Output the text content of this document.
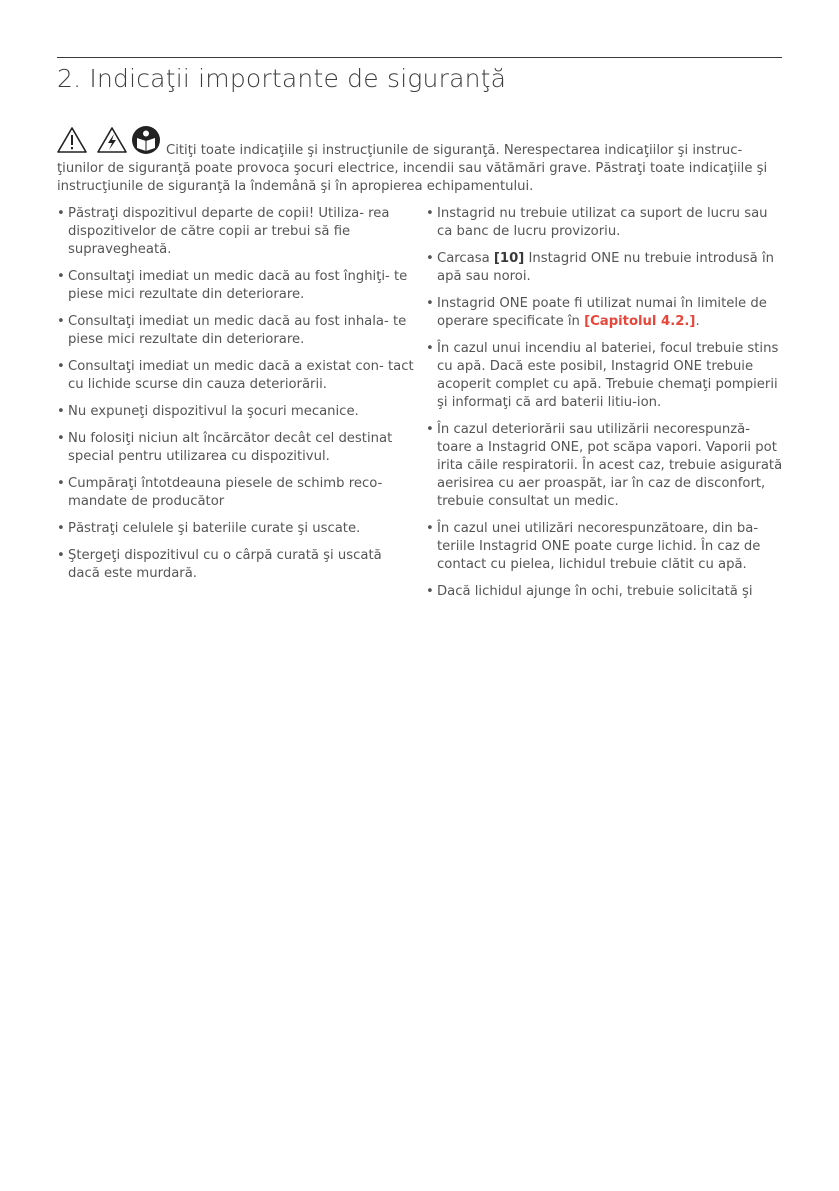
2. Indicaţii importante de siguranţă
Citiţi toate indicaţiile şi instrucţiunile de siguranţă. Nerespectarea indicaţiilor şi instruc- ţiunilor de siguranţă poate provoca şocuri electrice, incendii sau vătămări grave. Păstraţi toate indicaţiile şi instrucţiunile de siguranţă la îndemână şi în apropierea echipamentului.
• Păstraţi dispozitivul departe de copii! Utiliza- rea dispozitivelor de către copii ar trebui să fie supravegheată.
• Consultaţi imediat un medic dacă au fost înghiţi- te piese mici rezultate din deteriorare.
• Consultaţi imediat un medic dacă au fost inhala- te piese mici rezultate din deteriorare.
• Consultaţi imediat un medic dacă a existat con- tact cu lichide scurse din cauza deteriorării.
• Nu expuneţi dispozitivul la şocuri mecanice.
• Nu folosiţi niciun alt încărcător decât cel destinat special pentru utilizarea cu dispozitivul.
• Cumpăraţi întotdeauna piesele de schimb reco- mandate de producător
• Păstraţi celulele şi bateriile curate şi uscate.
• Ştergeţi dispozitivul cu o cârpă curată şi uscată dacă este murdară.
• Instagrid nu trebuie utilizat ca suport de lucru sau ca banc de lucru provizoriu.
• Carcasa [10] Instagrid ONE nu trebuie introdusă în apă sau noroi.
• Instagrid ONE poate fi utilizat numai în limitele de operare specificate în [Capitolul 4.2.].
• În cazul unui incendiu al bateriei, focul trebuie stins cu apă. Dacă este posibil, Instagrid ONE trebuie acoperit complet cu apă. Trebuie chemaţi pompierii şi informaţi că ard baterii litiu-ion.
• În cazul deteriorării sau utilizării necorespunză- toare a Instagrid ONE, pot scăpa vapori. Vaporii pot irita căile respiratorii. În acest caz, trebuie asigurată aerisirea cu aer proaspăt, iar în caz de disconfort, trebuie consultat un medic.
• În cazul unei utilizări necorespunzătoare, din ba- teriile Instagrid ONE poate curge lichid. În caz de contact cu pielea, lichidul trebuie clătit cu apă.
• Dacă lichidul ajunge în ochi, trebuie solicitată şi
